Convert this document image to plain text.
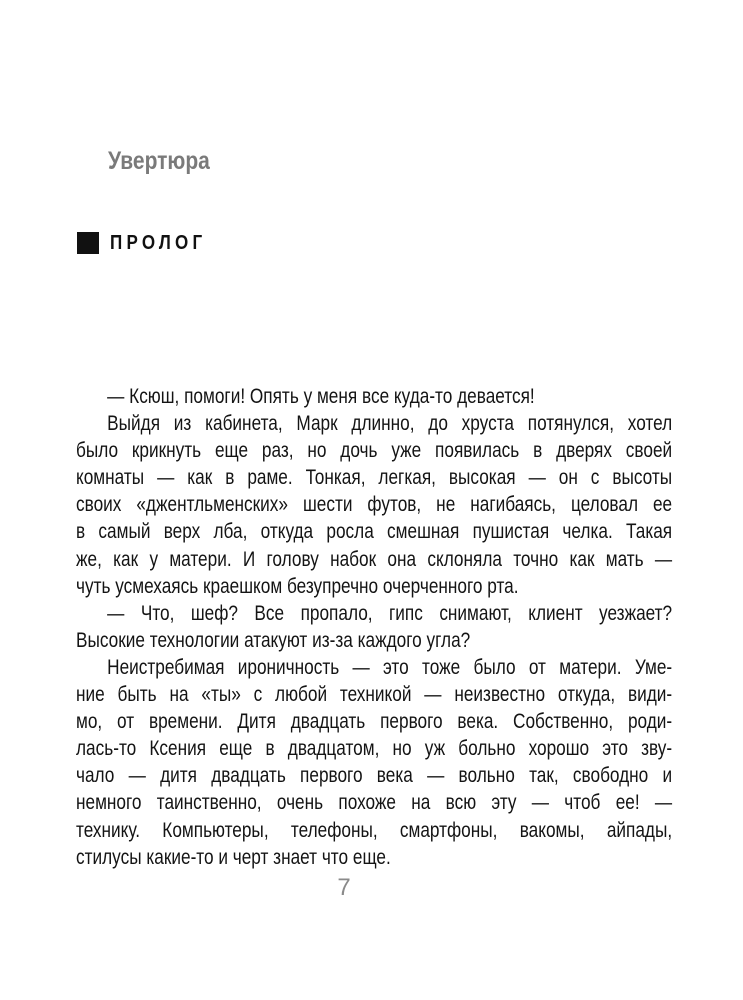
Увертюра
ПРОЛОГ
— Ксюш, помоги! Опять у меня все куда-то девается!
Выйдя из кабинета, Марк длинно, до хруста потянулся, хотел
было крикнуть еще раз, но дочь уже появилась в дверях своей
комнаты — как в раме. Тонкая, легкая, высокая — он с высоты
своих «джентльменских» шести футов, не нагибаясь, целовал ее
в самый верх лба, откуда росла смешная пушистая челка. Такая
же, как у матери. И голову набок она склоняла точно как мать —
чуть усмехаясь краешком безупречно очерченного рта.
— Что, шеф? Все пропало, гипс снимают, клиент уезжает?
Высокие технологии атакуют из-за каждого угла?
Неистребимая ироничность — это тоже было от матери. Уме-
ние быть на «ты» с любой техникой — неизвестно откуда, види-
мо, от времени. Дитя двадцать первого века. Собственно, роди-
лась-то Ксения еще в двадцатом, но уж больно хорошо это зву-
чало — дитя двадцать первого века — вольно так, свободно и
немного таинственно, очень похоже на всю эту — чтоб ее! —
технику. Компьютеры, телефоны, смартфоны, вакомы, айпады,
стилусы какие-то и черт знает что еще.
7
